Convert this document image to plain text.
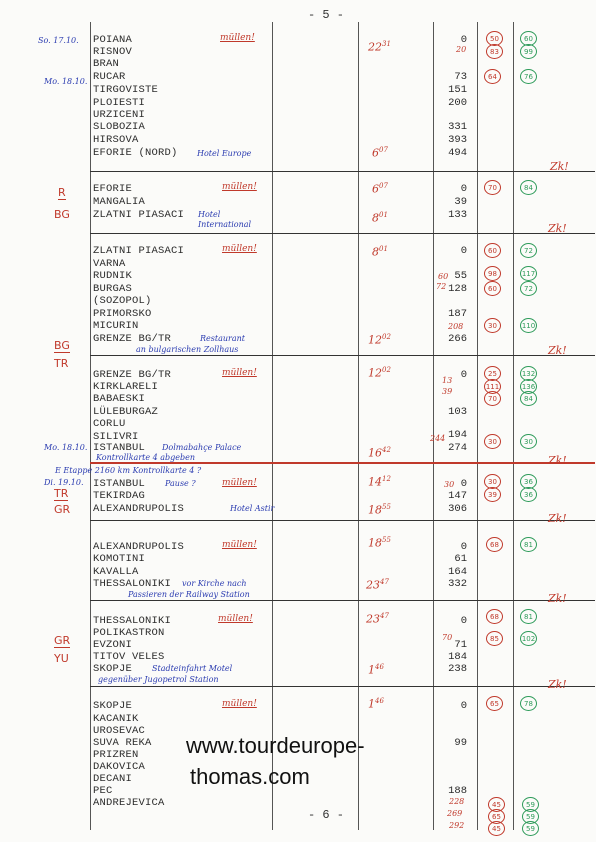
- 5 -
- 6 -
POIANA
RISNOV
BRAN
RUCAR
TIRGOVISTE
PLOIESTI
URZICENI
SLOBOZIA
HIRSOVA
EFORIE (NORD)
EFORIE
MANGALIA
ZLATNI PIASACI
ZLATNI PIASACI
VARNA
RUDNIK
BURGAS
(SOZOPOL)
PRIMORSKO
MICURIN
GRENZE BG/TR
GRENZE BG/TR
KIRKLARELI
BABAESKI
LÜLEBURGAZ
CORLU
SILIVRI
ISTANBUL
ISTANBUL
TEKIRDAG
ALEXANDRUPOLIS
ALEXANDRUPOLIS
KOMOTINI
KAVALLA
THESSALONIKI
THESSALONIKI
POLIKASTRON
EVZONI
TITOV VELES
SKOPJE
SKOPJE
KACANIK
UROSEVAC
SUVA REKA
PRIZREN
DAKOVICA
DECANI
PEC
ANDREJEVICA
0
73
151
200
331
393
494
0
39
133
0
55
128
187
266
0
103
194
274
0
147
306
0
61
164
332
0
71
184
238
0
99
188
Hotel Europe
Hotel
International
Restaurant
an bulgarischen Zollhaus
Dolmabahçe Palace
Kontrollkarte 4 abgeben
E Etappe 2160 km Kontrollkarte 4 ?
Pause ?
Hotel Astir
vor Kirche nach
Passieren der Railway Station
Stadteinfahrt Motel
gegenüber Jugopetrol Station
müllen!
müllen!
müllen!
müllen!
müllen!
müllen!
müllen!
müllen!
$22^{31}$
$6^{07}$
$6^{07}$
$8^{01}$
$8^{01}$
$12^{02}$
$12^{02}$
$16^{42}$
$14^{12}$
$18^{55}$
$18^{55}$
$23^{47}$
$23^{47}$
$1^{46}$
$1^{46}$
So. 17.10.
Mo. 18.10.
Mo. 18.10.
Di. 19.10.
R
BG
BG
TR
TR
GR
GR
YU
50
83
64
70
60
98
60
30
25
111
70
30
30
39
68
68
85
65
45
65
45
60
99
76
84
72
117
72
110
132
136
84
30
36
36
81
81
102
78
59
59
59
20
60
72
208
13
39
244
30
70
228
269
292
Zk!
Zk!
Zk!
Zk!
Zk!
Zk!
Zk!
www.tourdeurope-
thomas.com
